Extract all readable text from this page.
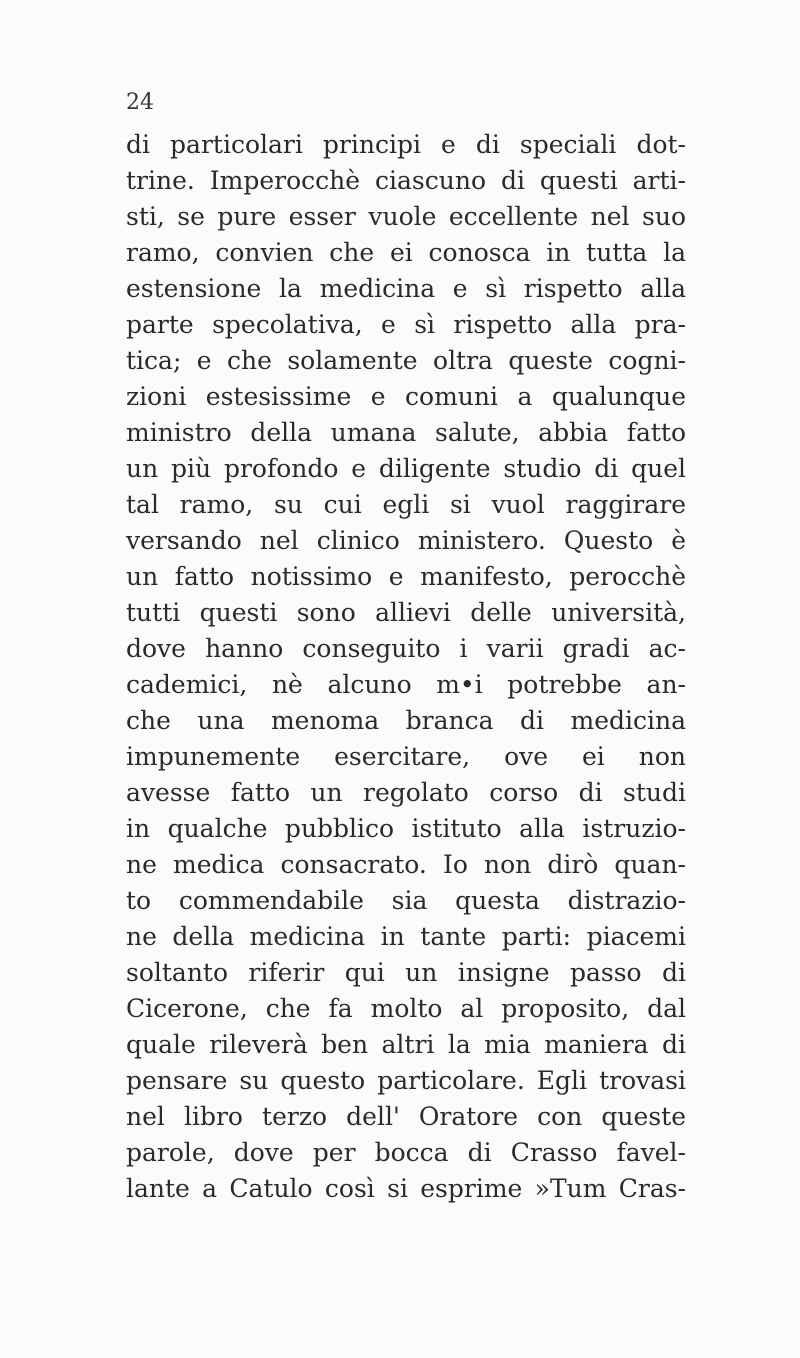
24
di particolari principi e di speciali dot-
trine. Imperocchè ciascuno di questi arti-
sti, se pure esser vuole eccellente nel suo
ramo, convien che ei conosca in tutta la
estensione la medicina e sì rispetto alla
parte specolativa, e sì rispetto alla pra-
tica; e che solamente oltra queste cogni-
zioni estesissime e comuni a qualunque
ministro della umana salute, abbia fatto
un più profondo e diligente studio di quel
tal ramo, su cui egli si vuol raggirare
versando nel clinico ministero. Questo è
un fatto notissimo e manifesto, perocchè
tutti questi sono allievi delle università,
dove hanno conseguito i varii gradi ac-
cademici, nè alcuno m•i potrebbe an-
che una menoma branca di medicina
impunemente esercitare, ove ei non
avesse fatto un regolato corso di studi
in qualche pubblico istituto alla istruzio-
ne medica consacrato. Io non dirò quan-
to commendabile sia questa distrazio-
ne della medicina in tante parti: piacemi
soltanto riferir qui un insigne passo di
Cicerone, che fa molto al proposito, dal
quale rileverà ben altri la mia maniera di
pensare su questo particolare. Egli trovasi
nel libro terzo dell' Oratore con queste
parole, dove per bocca di Crasso favel-
lante a Catulo così si esprime »Tum Cras-
